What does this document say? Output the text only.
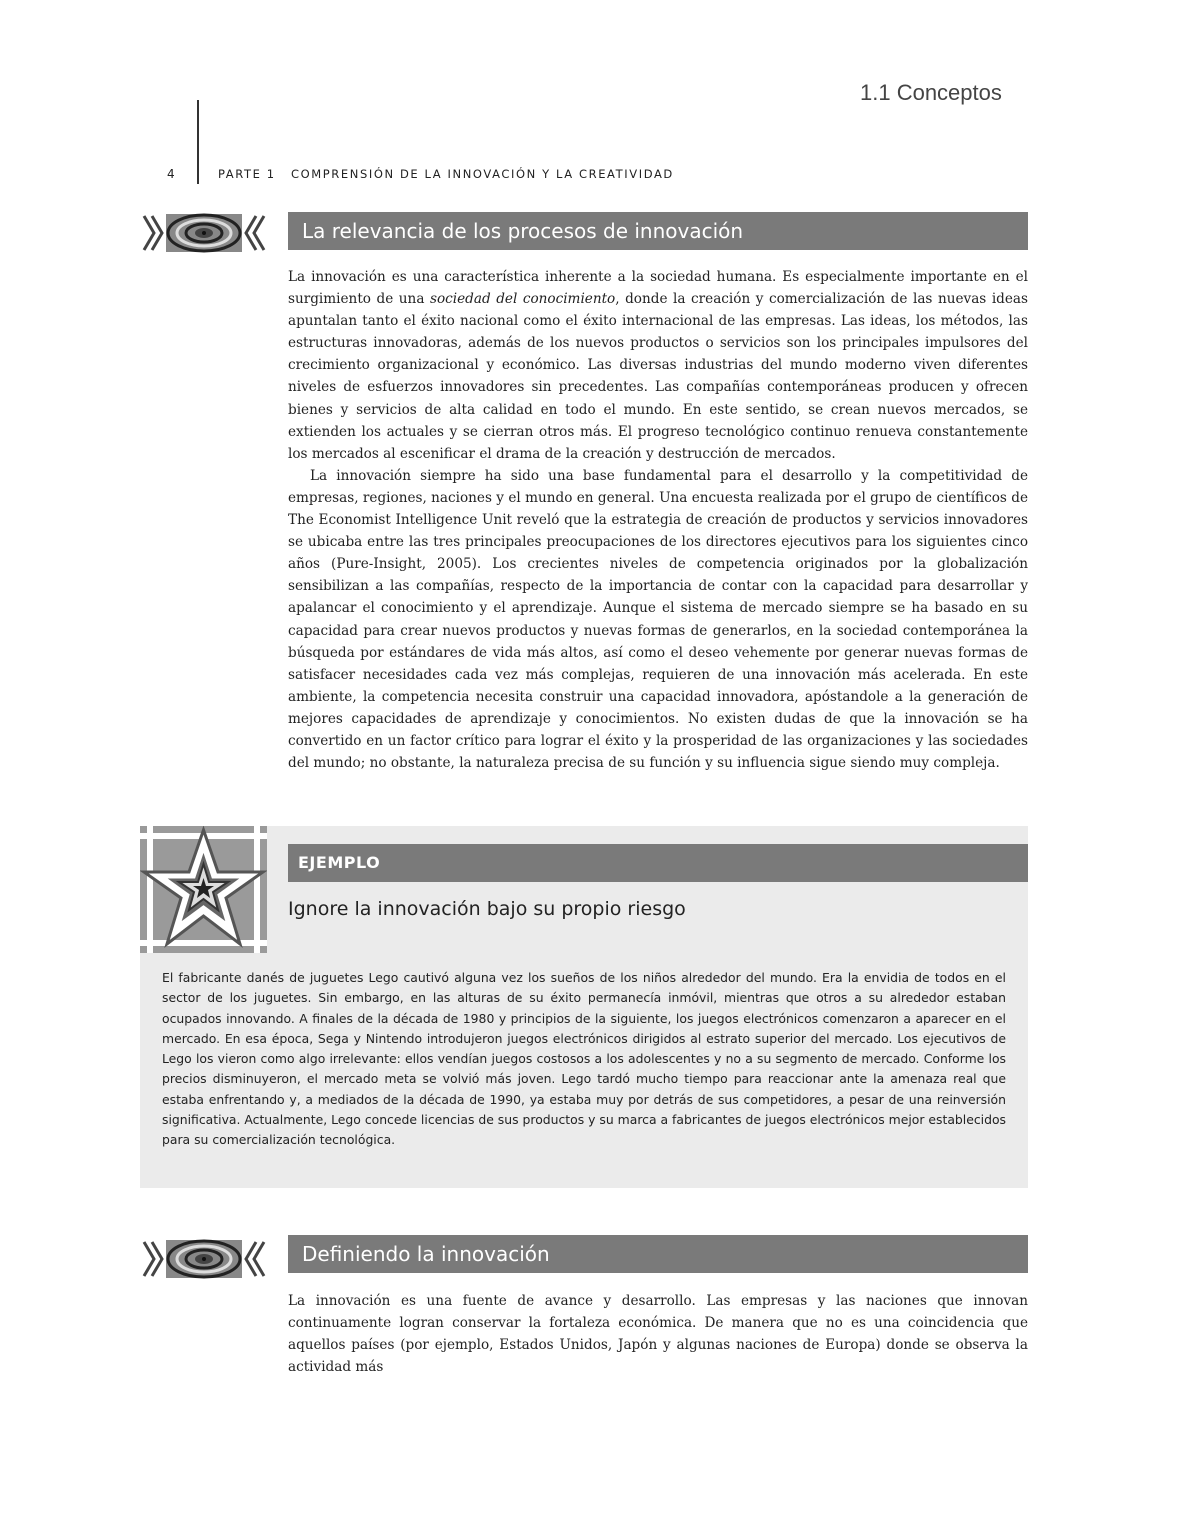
1.1 Conceptos
4	PARTE 1 COMPRENSIÓN DE LA INNOVACIÓN Y LA CREATIVIDAD
La relevancia de los procesos de innovación

La innovación es una característica inherente a la sociedad humana. Es especialmente importante en el surgimiento de una sociedad del conocimiento, donde la creación y comercialización de las nuevas ideas apuntalan tanto el éxito nacional como el éxito internacional de las empresas. Las ideas, los métodos, las estructuras innovadoras, además de los nuevos productos o servicios son los principales impulsores del crecimiento organizacional y económico. Las diversas industrias del mundo moderno viven diferentes niveles de esfuerzos innovadores sin precedentes. Las compañías contemporáneas producen y ofrecen bienes y servicios de alta calidad en todo el mundo. En este sentido, se crean nuevos mercados, se extienden los actuales y se cierran otros más. El progreso tecnológico continuo renueva constantemente los mercados al escenificar el drama de la creación y destrucción de mercados.

La innovación siempre ha sido una base fundamental para el desarrollo y la competitividad de empresas, regiones, naciones y el mundo en general. Una encuesta realizada por el grupo de científicos de The Economist Intelligence Unit reveló que la estrategia de creación de productos y servicios innovadores se ubicaba entre las tres principales preocupaciones de los directores ejecutivos para los siguientes cinco años (Pure-Insight, 2005). Los crecientes niveles de competencia originados por la globalización sensibilizan a las compañías, respecto de la importancia de contar con la capacidad para desarrollar y apalancar el conocimiento y el aprendizaje. Aunque el sistema de mercado siempre se ha basado en su capacidad para crear nuevos productos y nuevas formas de generarlos, en la sociedad contemporánea la búsqueda por estándares de vida más altos, así como el deseo vehemente por generar nuevas formas de satisfacer necesidades cada vez más complejas, requieren de una innovación más acelerada. En este ambiente, la competencia necesita construir una capacidad innovadora, apóstandole a la generación de mejores capacidades de aprendizaje y conocimientos. No existen dudas de que la innovación se ha convertido en un factor crítico para lograr el éxito y la prosperidad de las organizaciones y las sociedades del mundo; no obstante, la naturaleza precisa de su función y su influencia sigue siendo muy compleja.

EJEMPLO
Ignore la innovación bajo su propio riesgo

El fabricante danés de juguetes Lego cautivó alguna vez los sueños de los niños alrededor del mundo. Era la envidia de todos en el sector de los juguetes. Sin embargo, en las alturas de su éxito permanecía inmóvil, mientras que otros a su alrededor estaban ocupados innovando. A finales de la década de 1980 y principios de la siguiente, los juegos electrónicos comenzaron a aparecer en el mercado. En esa época, Sega y Nintendo introdujeron juegos electrónicos dirigidos al estrato superior del mercado. Los ejecutivos de Lego los vieron como algo irrelevante: ellos vendían juegos costosos a los adolescentes y no a su segmento de mercado. Conforme los precios disminuyeron, el mercado meta se volvió más joven. Lego tardó mucho tiempo para reaccionar ante la amenaza real que estaba enfrentando y, a mediados de la década de 1990, ya estaba muy por detrás de sus competidores, a pesar de una reinversión significativa. Actualmente, Lego concede licencias de sus productos y su marca a fabricantes de juegos electrónicos mejor establecidos para su comercialización tecnológica.

Definiendo la innovación

La innovación es una fuente de avance y desarrollo. Las empresas y las naciones que innovan continuamente logran conservar la fortaleza económica. De manera que no es una coincidencia que aquellos países (por ejemplo, Estados Unidos, Japón y algunas naciones de Europa) donde se observa la actividad más
